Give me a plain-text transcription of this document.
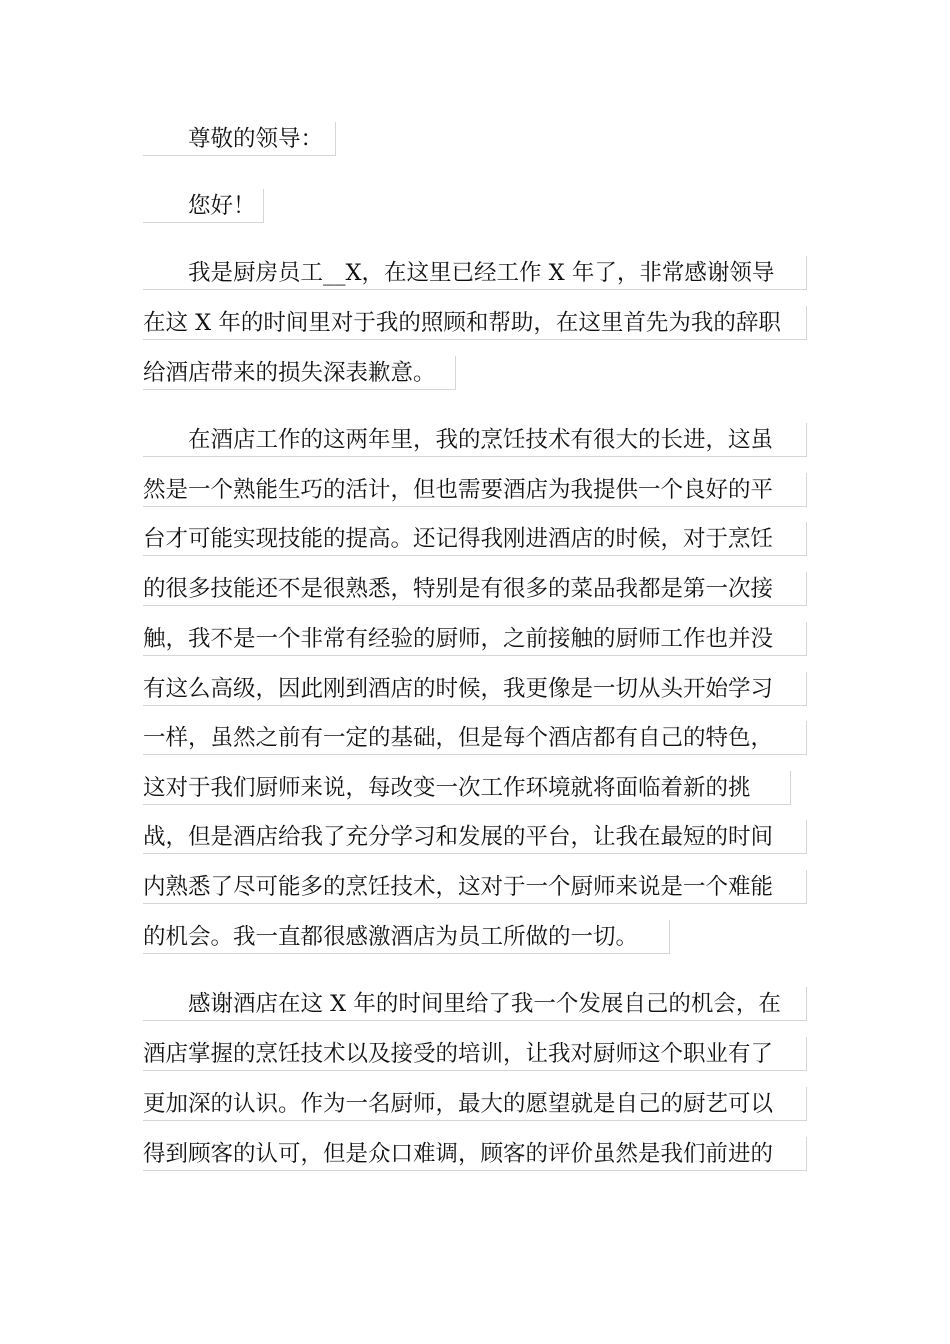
　　尊敬的领导：
　　您好！
　　我是厨房员工__X，在这里已经工作 X 年了，非常感谢领导
在这 X 年的时间里对于我的照顾和帮助，在这里首先为我的辞职
给酒店带来的损失深表歉意。
　　在酒店工作的这两年里，我的烹饪技术有很大的长进，这虽
然是一个熟能生巧的活计，但也需要酒店为我提供一个良好的平
台才可能实现技能的提高。还记得我刚进酒店的时候，对于烹饪
的很多技能还不是很熟悉，特别是有很多的菜品我都是第一次接
触，我不是一个非常有经验的厨师，之前接触的厨师工作也并没
有这么高级，因此刚到酒店的时候，我更像是一切从头开始学习
一样，虽然之前有一定的基础，但是每个酒店都有自己的特色，
这对于我们厨师来说，每改变一次工作环境就将面临着新的挑
战，但是酒店给我了充分学习和发展的平台，让我在最短的时间
内熟悉了尽可能多的烹饪技术，这对于一个厨师来说是一个难能
的机会。我一直都很感激酒店为员工所做的一切。
　　感谢酒店在这 X 年的时间里给了我一个发展自己的机会，在
酒店掌握的烹饪技术以及接受的培训，让我对厨师这个职业有了
更加深的认识。作为一名厨师，最大的愿望就是自己的厨艺可以
得到顾客的认可，但是众口难调，顾客的评价虽然是我们前进的
